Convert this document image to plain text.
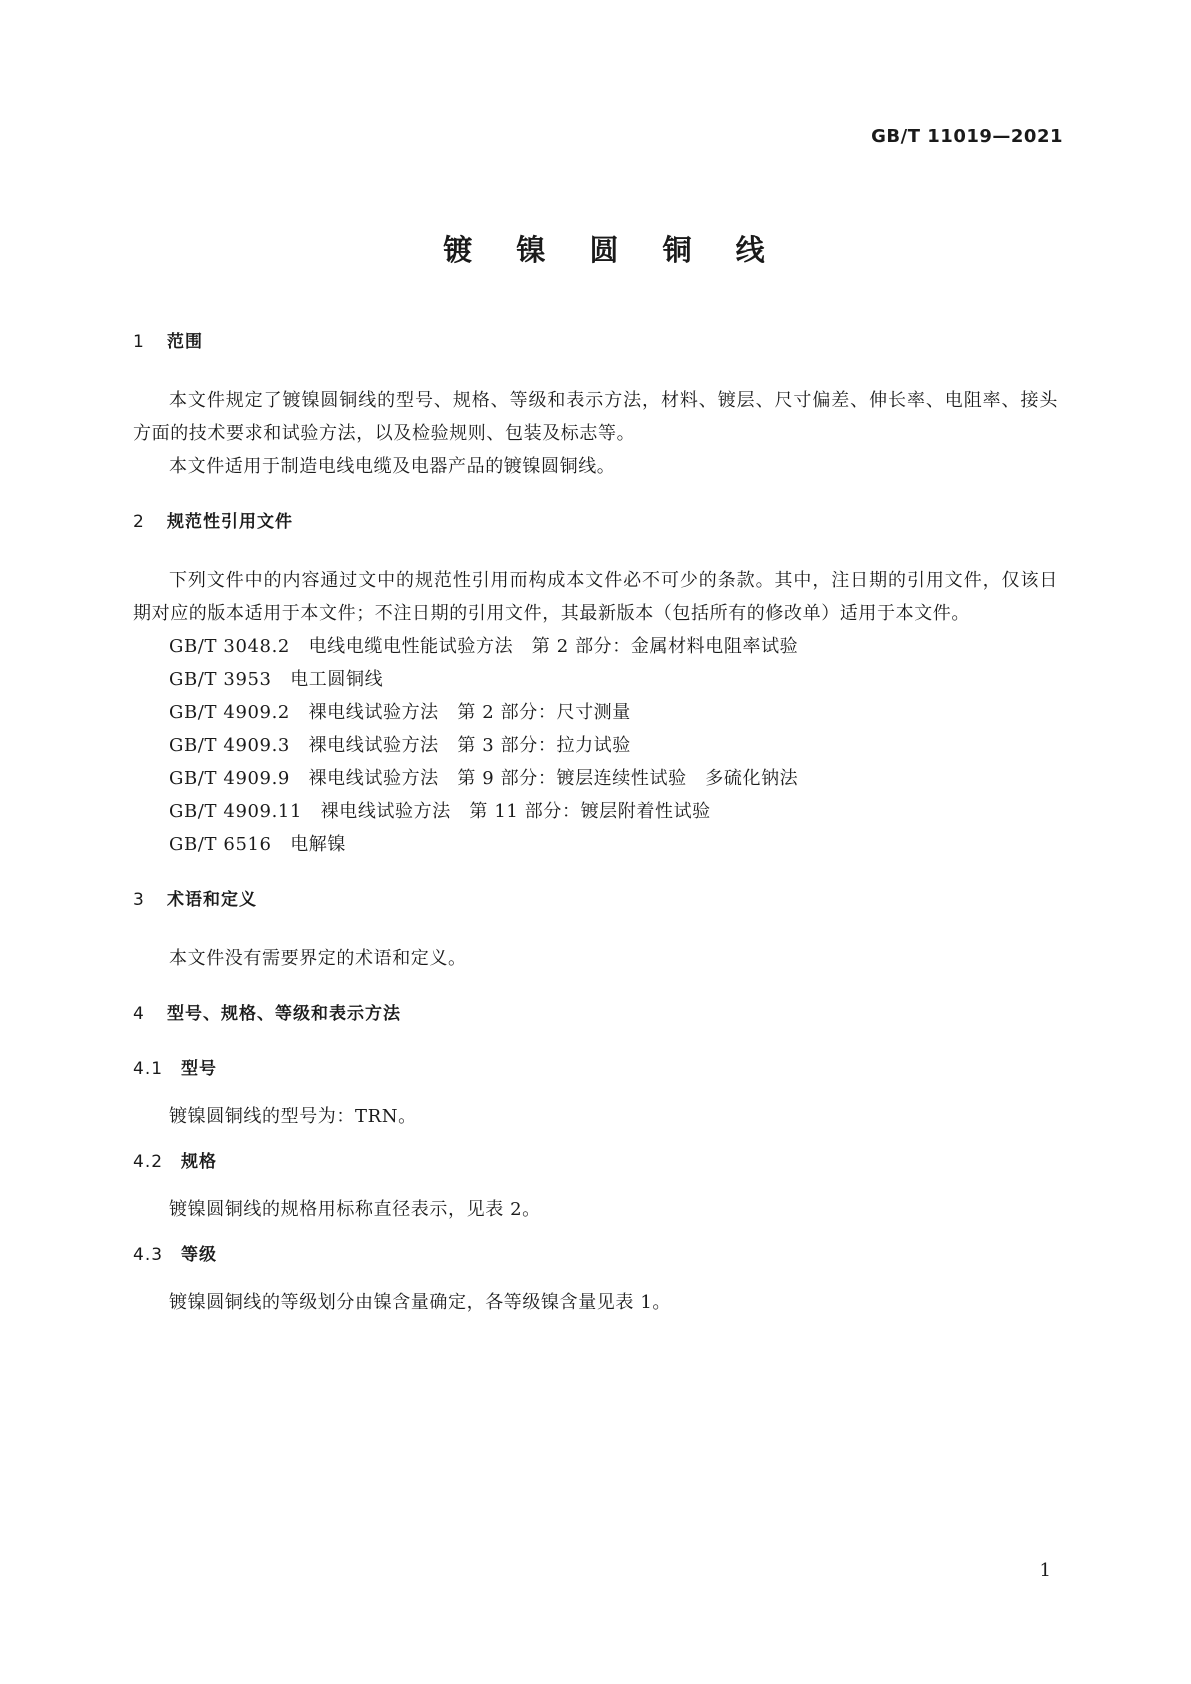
GB/T 11019—2021
镀 镍 圆 铜 线
1 范围

本文件规定了镀镍圆铜线的型号、规格、等级和表示方法，材料、镀层、尺寸偏差、伸长率、电阻率、接头方面的技术要求和试验方法，以及检验规则、包装及标志等。

本文件适用于制造电线电缆及电器产品的镀镍圆铜线。

2 规范性引用文件

下列文件中的内容通过文中的规范性引用而构成本文件必不可少的条款。其中，注日期的引用文件，仅该日期对应的版本适用于本文件；不注日期的引用文件，其最新版本（包括所有的修改单）适用于本文件。

GB/T 3048.2　电线电缆电性能试验方法　第 2 部分：金属材料电阻率试验
GB/T 3953　电工圆铜线
GB/T 4909.2　裸电线试验方法　第 2 部分：尺寸测量
GB/T 4909.3　裸电线试验方法　第 3 部分：拉力试验
GB/T 4909.9　裸电线试验方法　第 9 部分：镀层连续性试验　多硫化钠法
GB/T 4909.11　裸电线试验方法　第 11 部分：镀层附着性试验
GB/T 6516　电解镍
3 术语和定义

本文件没有需要界定的术语和定义。

4 型号、规格、等级和表示方法
4.1 型号

镀镍圆铜线的型号为：TRN。

4.2 规格

镀镍圆铜线的规格用标称直径表示，见表 2。

4.3 等级

镀镍圆铜线的等级划分由镍含量确定，各等级镍含量见表 1。

1
